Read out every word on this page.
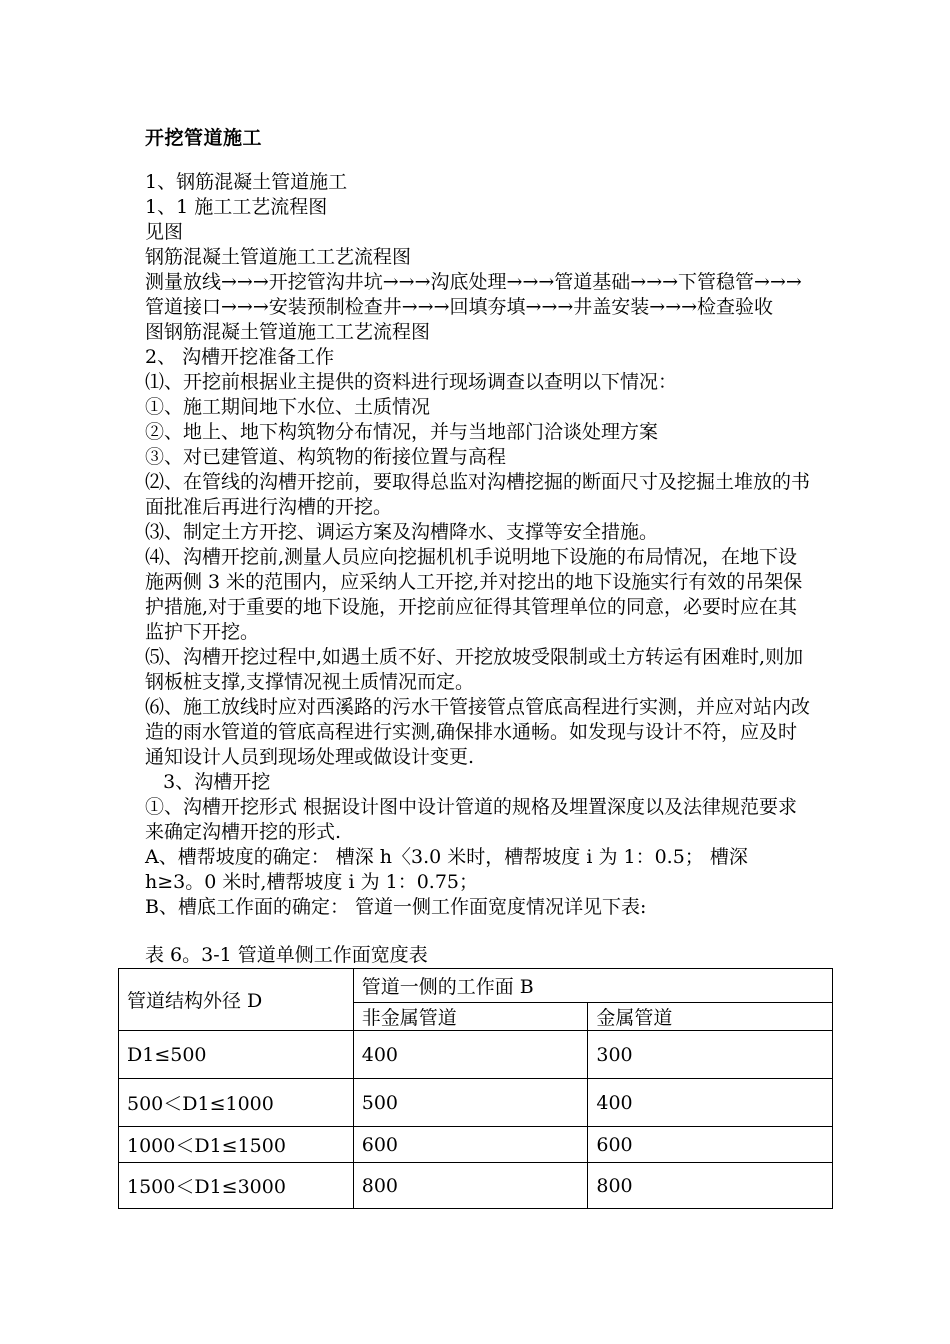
开挖管道施工

1、钢筋混凝土管道施工

1、1 施工工艺流程图

见图

钢筋混凝土管道施工工艺流程图

测量放线→→→开挖管沟井坑→→→沟底处理→→→管道基础→→→下管稳管→→→管道接口→→→安装预制检查井→→→回填夯填→→→井盖安装→→→检查验收

图钢筋混凝土管道施工工艺流程图

2、 沟槽开挖准备工作

⑴、开挖前根据业主提供的资料进行现场调查以查明以下情况：

①、施工期间地下水位、土质情况

②、地上、地下构筑物分布情况，并与当地部门洽谈处理方案

③、对已建管道、构筑物的衔接位置与高程

⑵、在管线的沟槽开挖前，要取得总监对沟槽挖掘的断面尺寸及挖掘土堆放的书面批准后再进行沟槽的开挖。

⑶、制定土方开挖、调运方案及沟槽降水、支撑等安全措施。

⑷、沟槽开挖前,测量人员应向挖掘机机手说明地下设施的布局情况，在地下设施两侧 3 米的范围内，应采纳人工开挖,并对挖出的地下设施实行有效的吊架保护措施,对于重要的地下设施，开挖前应征得其管理单位的同意，必要时应在其监护下开挖。

⑸、沟槽开挖过程中,如遇土质不好、开挖放坡受限制或土方转运有困难时,则加钢板桩支撑,支撑情况视土质情况而定。

⑹、施工放线时应对西溪路的污水干管接管点管底高程进行实测，并应对站内改造的雨水管道的管底高程进行实测,确保排水通畅。如发现与设计不符，应及时通知设计人员到现场处理或做设计变更.

3、沟槽开挖

①、沟槽开挖形式 根据设计图中设计管道的规格及埋置深度以及法律规范要求来确定沟槽开挖的形式.

A、槽帮坡度的确定： 槽深 h〈3.0 米时，槽帮坡度 i 为 1：0.5； 槽深 h≥3。0 米时,槽帮坡度 i 为 1：0.75；

B、槽底工作面的确定： 管道一侧工作面宽度情况详见下表:

表 6。3-1 管道单侧工作面宽度表
管道结构外径 D	管道一侧的工作面 B	
	非金属管道	金属管道
D1≤500	400	300
500＜D1≤1000	500	400
1000＜D1≤1500	600	600
1500＜D1≤3000	800	800
